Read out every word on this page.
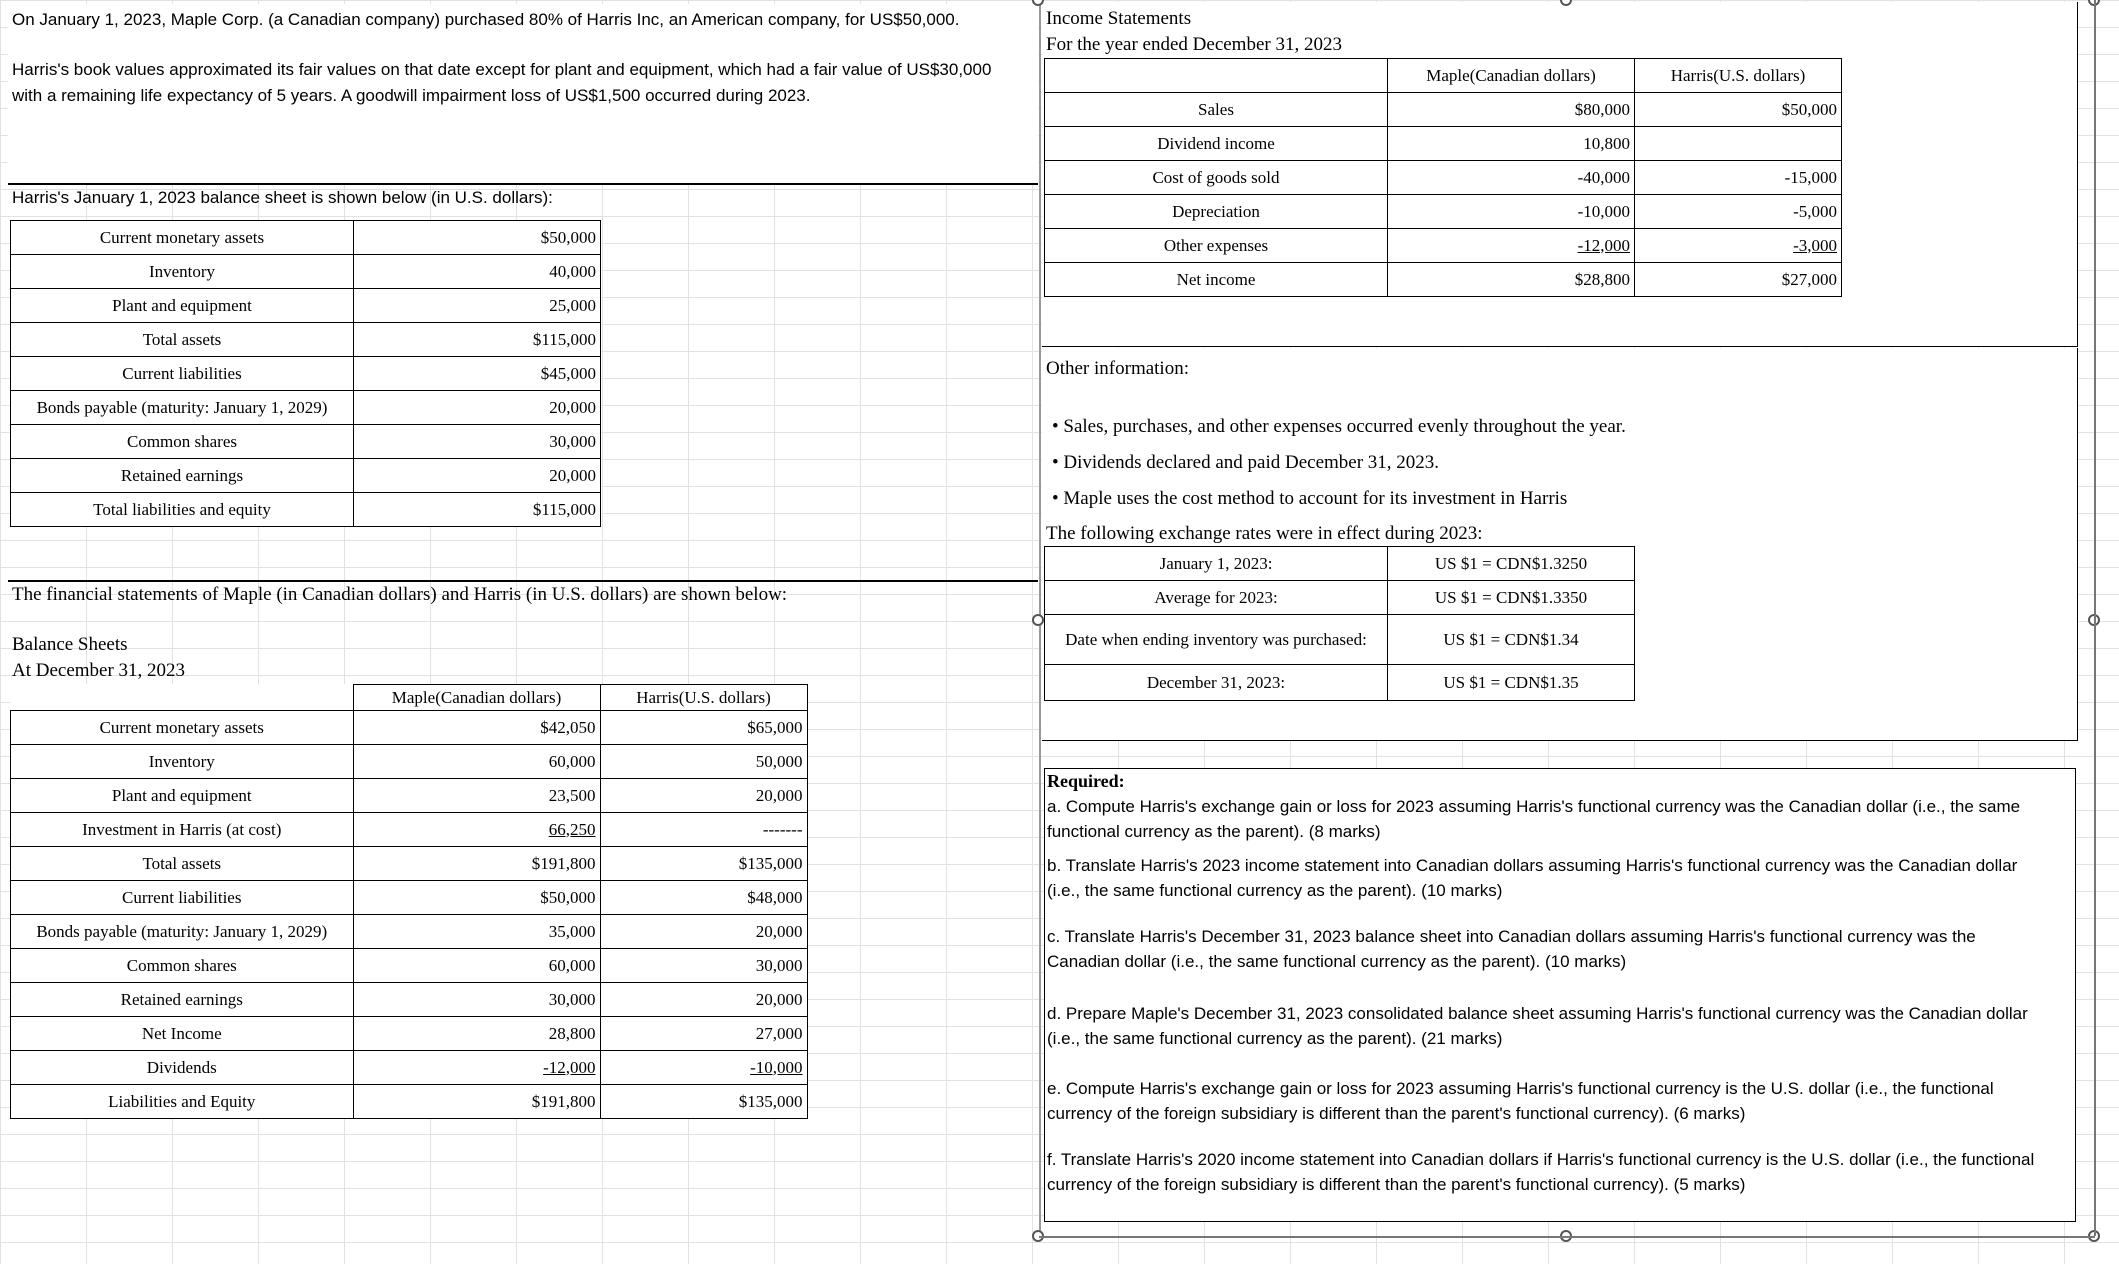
On January 1, 2023, Maple Corp. (a Canadian company) purchased 80% of Harris Inc, an American company, for US$50,000.
Harris's book values approximated its fair values on that date except for plant and equipment, which had a fair value of US$30,000
with a remaining life expectancy of 5 years. A goodwill impairment loss of US$1,500 occurred during 2023.
Harris's January 1, 2023 balance sheet is shown below (in U.S. dollars):
Current monetary assets	$50,000
Inventory	40,000
Plant and equipment	25,000
Total assets	$115,000
Current liabilities	$45,000
Bonds payable (maturity: January 1, 2029)	20,000
Common shares	30,000
Retained earnings	20,000
Total liabilities and equity	$115,000
The financial statements of Maple (in Canadian dollars) and Harris (in U.S. dollars) are shown below:
Balance Sheets
At December 31, 2023
	Maple(Canadian dollars)	Harris(U.S. dollars)
Current monetary assets	$42,050	$65,000
Inventory	60,000	50,000
Plant and equipment	23,500	20,000
Investment in Harris (at cost)	66,250	-------
Total assets	$191,800	$135,000
Current liabilities	$50,000	$48,000
Bonds payable (maturity: January 1, 2029)	35,000	20,000
Common shares	60,000	30,000
Retained earnings	30,000	20,000
Net Income	28,800	27,000
Dividends	-12,000	-10,000
Liabilities and Equity	$191,800	$135,000
Income Statements
For the year ended December 31, 2023
	Maple(Canadian dollars)	Harris(U.S. dollars)
Sales	$80,000	$50,000
Dividend income	10,800	
Cost of goods sold	-40,000	-15,000
Depreciation	-10,000	-5,000
Other expenses	-12,000	-3,000
Net income	$28,800	$27,000
Other information:
• Sales, purchases, and other expenses occurred evenly throughout the year.
• Dividends declared and paid December 31, 2023.
• Maple uses the cost method to account for its investment in Harris
The following exchange rates were in effect during 2023:
January 1, 2023:	US $1 = CDN$1.3250
Average for 2023:	US $1 = CDN$1.3350
Date when ending inventory was purchased:	US $1 = CDN$1.34
December 31, 2023:	US $1 = CDN$1.35
Required:
a. Compute Harris's exchange gain or loss for 2023 assuming Harris's functional currency was the Canadian dollar (i.e., the same
functional currency as the parent). (8 marks)
b. Translate Harris's 2023 income statement into Canadian dollars assuming Harris's functional currency was the Canadian dollar
(i.e., the same functional currency as the parent). (10 marks)
c. Translate Harris's December 31, 2023 balance sheet into Canadian dollars assuming Harris's functional currency was the
Canadian dollar (i.e., the same functional currency as the parent). (10 marks)
d. Prepare Maple's December 31, 2023 consolidated balance sheet assuming Harris's functional currency was the Canadian dollar
(i.e., the same functional currency as the parent). (21 marks)
e. Compute Harris's exchange gain or loss for 2023 assuming Harris's functional currency is the U.S. dollar (i.e., the functional
currency of the foreign subsidiary is different than the parent's functional currency). (6 marks)
f. Translate Harris's 2020 income statement into Canadian dollars if Harris's functional currency is the U.S. dollar (i.e., the functional
currency of the foreign subsidiary is different than the parent's functional currency). (5 marks)
